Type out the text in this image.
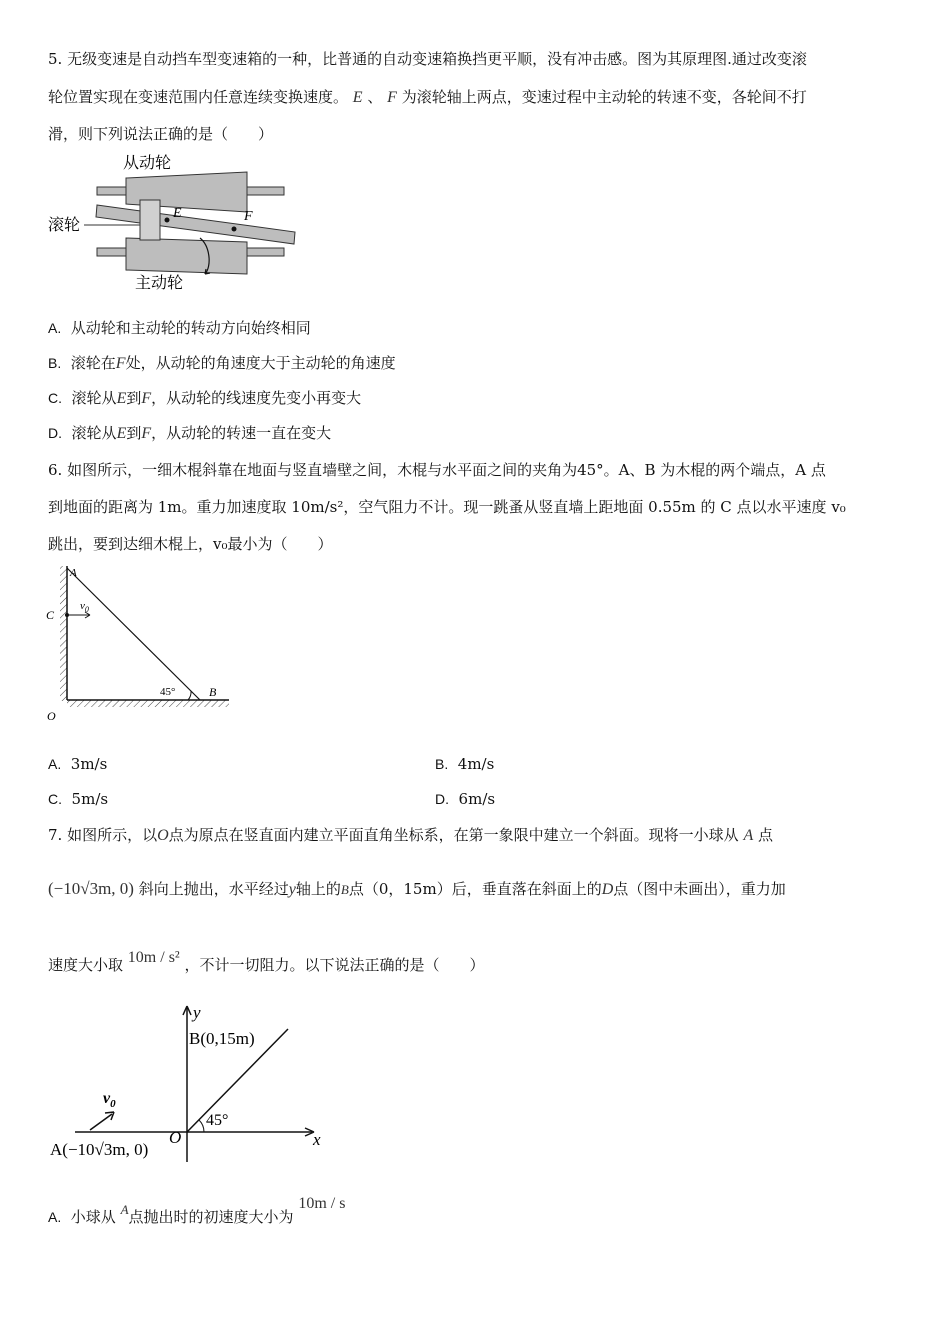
5. 无级变速是自动挡车型变速箱的一种，比普通的自动变速箱换挡更平顺，没有冲击感。图为其原理图.通过改变滚
轮位置实现在变速范围内任意连续变换速度。 E 、 F 为滚轮轴上两点，变速过程中主动轮的转速不变，各轮间不打
滑，则下列说法正确的是（　　）
E	F
从动轮
滚轮
主动轮
A. 从动轮和主动轮的转动方向始终相同
B. 滚轮在F处，从动轮的角速度大于主动轮的角速度
C. 滚轮从E到F，从动轮的线速度先变小再变大
D. 滚轮从E到F，从动轮的转速一直在变大
6. 如图所示，一细木棍斜靠在地面与竖直墙壁之间，木棍与水平面之间的夹角为45°。A、B 为木棍的两个端点，A 点
到地面的距离为 1m。重力加速度取 10m/s²，空气阻力不计。现一跳蚤从竖直墙上距地面 0.55m 的 C 点以水平速度 v₀
跳出，要到达细木棍上，v₀最小为（　　）
45°
$v_0$
A
C
O
B
A. 3m/s	B. 4m/s
C. 5m/s	D. 6m/s
7. 如图所示，以O点为原点在竖直面内建立平面直角坐标系，在第一象限中建立一个斜面。现将一小球从 A 点
(−10√3m, 0) 斜向上抛出，水平经过y轴上的B点（0，15m）后，垂直落在斜面上的D点（图中未画出），重力加
速度大小取 10m / s² ，不计一切阻力。以下说法正确的是（　　）
y
x
B(0,15m)
45°
O
A(−10√3m, 0)
$v_0$
A. 小球从 A点抛出时的初速度大小为 10m / s
